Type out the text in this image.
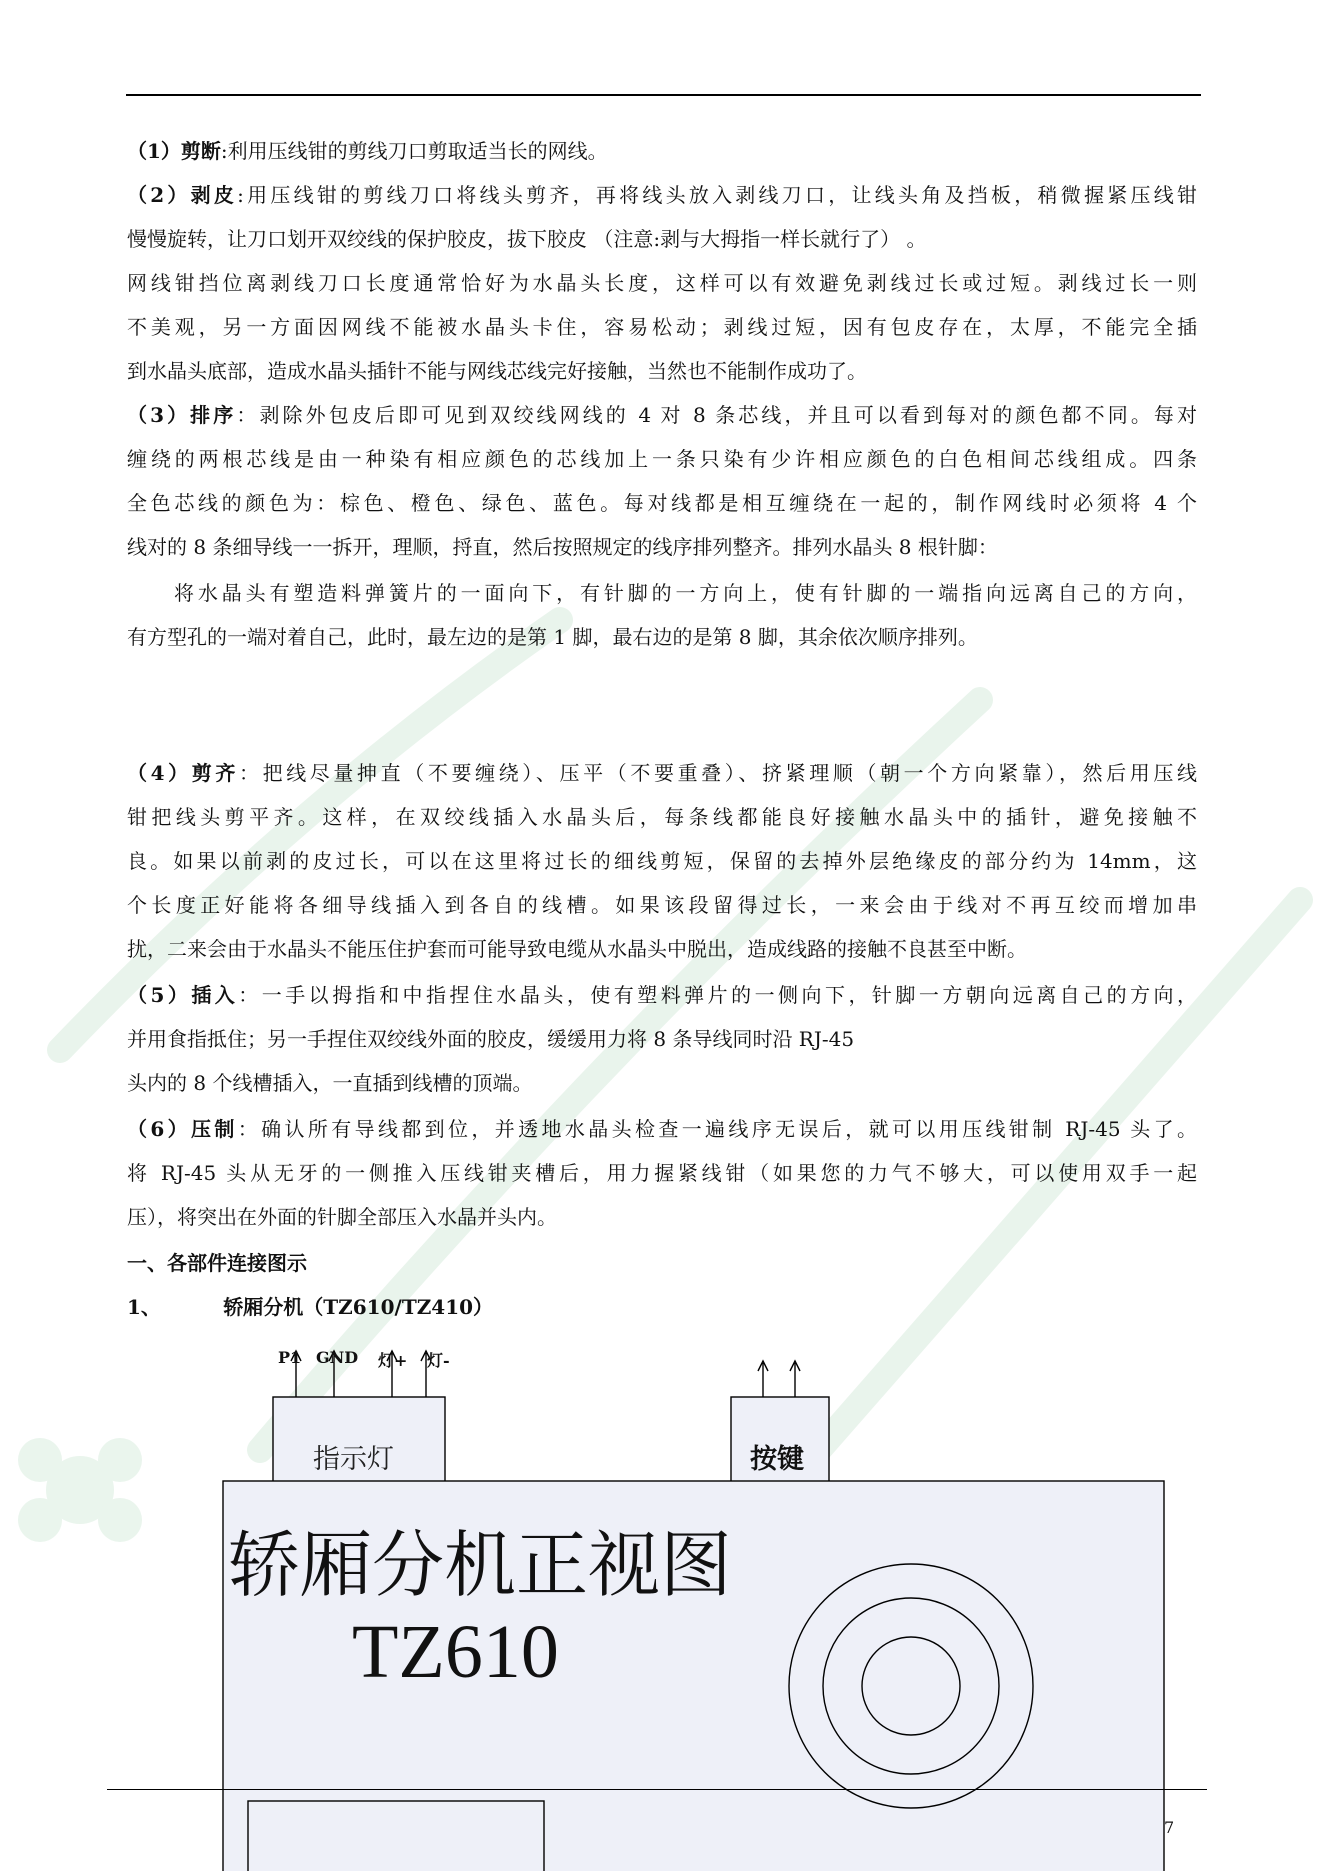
（1）剪断:利用压线钳的剪线刀口剪取适当长的网线。
（2）剥皮:用压线钳的剪线刀口将线头剪齐，再将线头放入剥线刀口，让线头角及挡板，稍微握紧压线钳
慢慢旋转，让刀口划开双绞线的保护胶皮，拔下胶皮 （注意:剥与大拇指一样长就行了） 。
网线钳挡位离剥线刀口长度通常恰好为水晶头长度，这样可以有效避免剥线过长或过短。剥线过长一则
不美观，另一方面因网线不能被水晶头卡住，容易松动；剥线过短，因有包皮存在，太厚，不能完全插
到水晶头底部，造成水晶头插针不能与网线芯线完好接触，当然也不能制作成功了。
（3）排序：剥除外包皮后即可见到双绞线网线的 4 对 8 条芯线，并且可以看到每对的颜色都不同。每对
缠绕的两根芯线是由一种染有相应颜色的芯线加上一条只染有少许相应颜色的白色相间芯线组成。四条
全色芯线的颜色为：棕色、橙色、绿色、蓝色。每对线都是相互缠绕在一起的，制作网线时必须将 4 个
线对的 8 条细导线一一拆开，理顺，捋直，然后按照规定的线序排列整齐。排列水晶头 8 根针脚：
将水晶头有塑造料弹簧片的一面向下，有针脚的一方向上，使有针脚的一端指向远离自己的方向，
有方型孔的一端对着自己，此时，最左边的是第 1 脚，最右边的是第 8 脚，其余依次顺序排列。
（4）剪齐：把线尽量抻直（不要缠绕）、压平（不要重叠）、挤紧理顺（朝一个方向紧靠），然后用压线
钳把线头剪平齐。这样，在双绞线插入水晶头后，每条线都能良好接触水晶头中的插针，避免接触不
良。如果以前剥的皮过长，可以在这里将过长的细线剪短，保留的去掉外层绝缘皮的部分约为 14mm，这
个长度正好能将各细导线插入到各自的线槽。如果该段留得过长，一来会由于线对不再互绞而增加串
扰，二来会由于水晶头不能压住护套而可能导致电缆从水晶头中脱出，造成线路的接触不良甚至中断。
（5）插入：一手以拇指和中指捏住水晶头，使有塑料弹片的一侧向下，针脚一方朝向远离自己的方向，
并用食指抵住；另一手捏住双绞线外面的胶皮，缓缓用力将 8 条导线同时沿 RJ-45
头内的 8 个线槽插入，一直插到线槽的顶端。
（6）压制：确认所有导线都到位，并透地水晶头检查一遍线序无误后，就可以用压线钳制 RJ-45 头了。
将 RJ-45 头从无牙的一侧推入压线钳夹槽后，用力握紧线钳（如果您的力气不够大，可以使用双手一起
压），将突出在外面的针脚全部压入水晶并头内。
一、各部件连接图示
1、	轿厢分机（TZ610/TZ410）
P1 GND 灯+ 灯-
指示灯	按键
轿厢分机正视图
TZ610
7
